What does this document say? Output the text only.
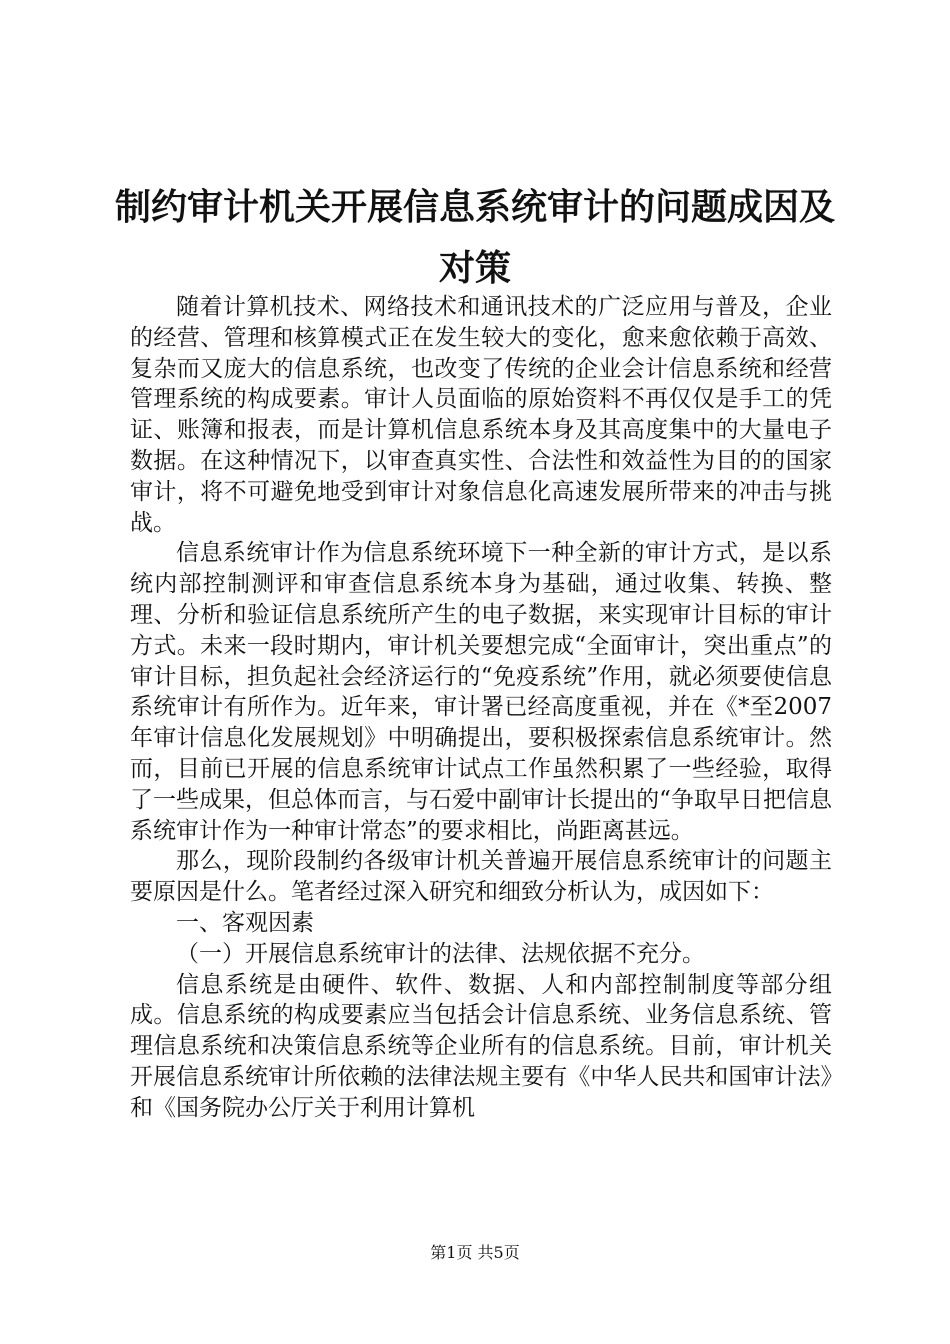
制约审计机关开展信息系统审计的问题成因及
对策

随着计算机技术、网络技术和通讯技术的广泛应用与普及，企业的经营、管理和核算模式正在发生较大的变化，愈来愈依赖于高效、复杂而又庞大的信息系统，也改变了传统的企业会计信息系统和经营管理系统的构成要素。审计人员面临的原始资料不再仅仅是手工的凭证、账簿和报表，而是计算机信息系统本身及其高度集中的大量电子数据。在这种情况下，以审查真实性、合法性和效益性为目的的国家审计，将不可避免地受到审计对象信息化高速发展所带来的冲击与挑战。

信息系统审计作为信息系统环境下一种全新的审计方式，是以系统内部控制测评和审查信息系统本身为基础，通过收集、转换、整理、分析和验证信息系统所产生的电子数据，来实现审计目标的审计方式。未来一段时期内，审计机关要想完成“全面审计，突出重点”的审计目标，担负起社会经济运行的“免疫系统”作用，就必须要使信息系统审计有所作为。近年来，审计署已经高度重视，并在《*至2007年审计信息化发展规划》中明确提出，要积极探索信息系统审计。然而，目前已开展的信息系统审计试点工作虽然积累了一些经验，取得了一些成果，但总体而言，与石爱中副审计长提出的“争取早日把信息系统审计作为一种审计常态”的要求相比，尚距离甚远。

那么，现阶段制约各级审计机关普遍开展信息系统审计的问题主要原因是什么。笔者经过深入研究和细致分析认为，成因如下：

一、客观因素

（一）开展信息系统审计的法律、法规依据不充分。

信息系统是由硬件、软件、数据、人和内部控制制度等部分组成。信息系统的构成要素应当包括会计信息系统、业务信息系统、管理信息系统和决策信息系统等企业所有的信息系统。目前，审计机关开展信息系统审计所依赖的法律法规主要有《中华人民共和国审计法》和《国务院办公厅关于利用计算机

第1页 共5页
